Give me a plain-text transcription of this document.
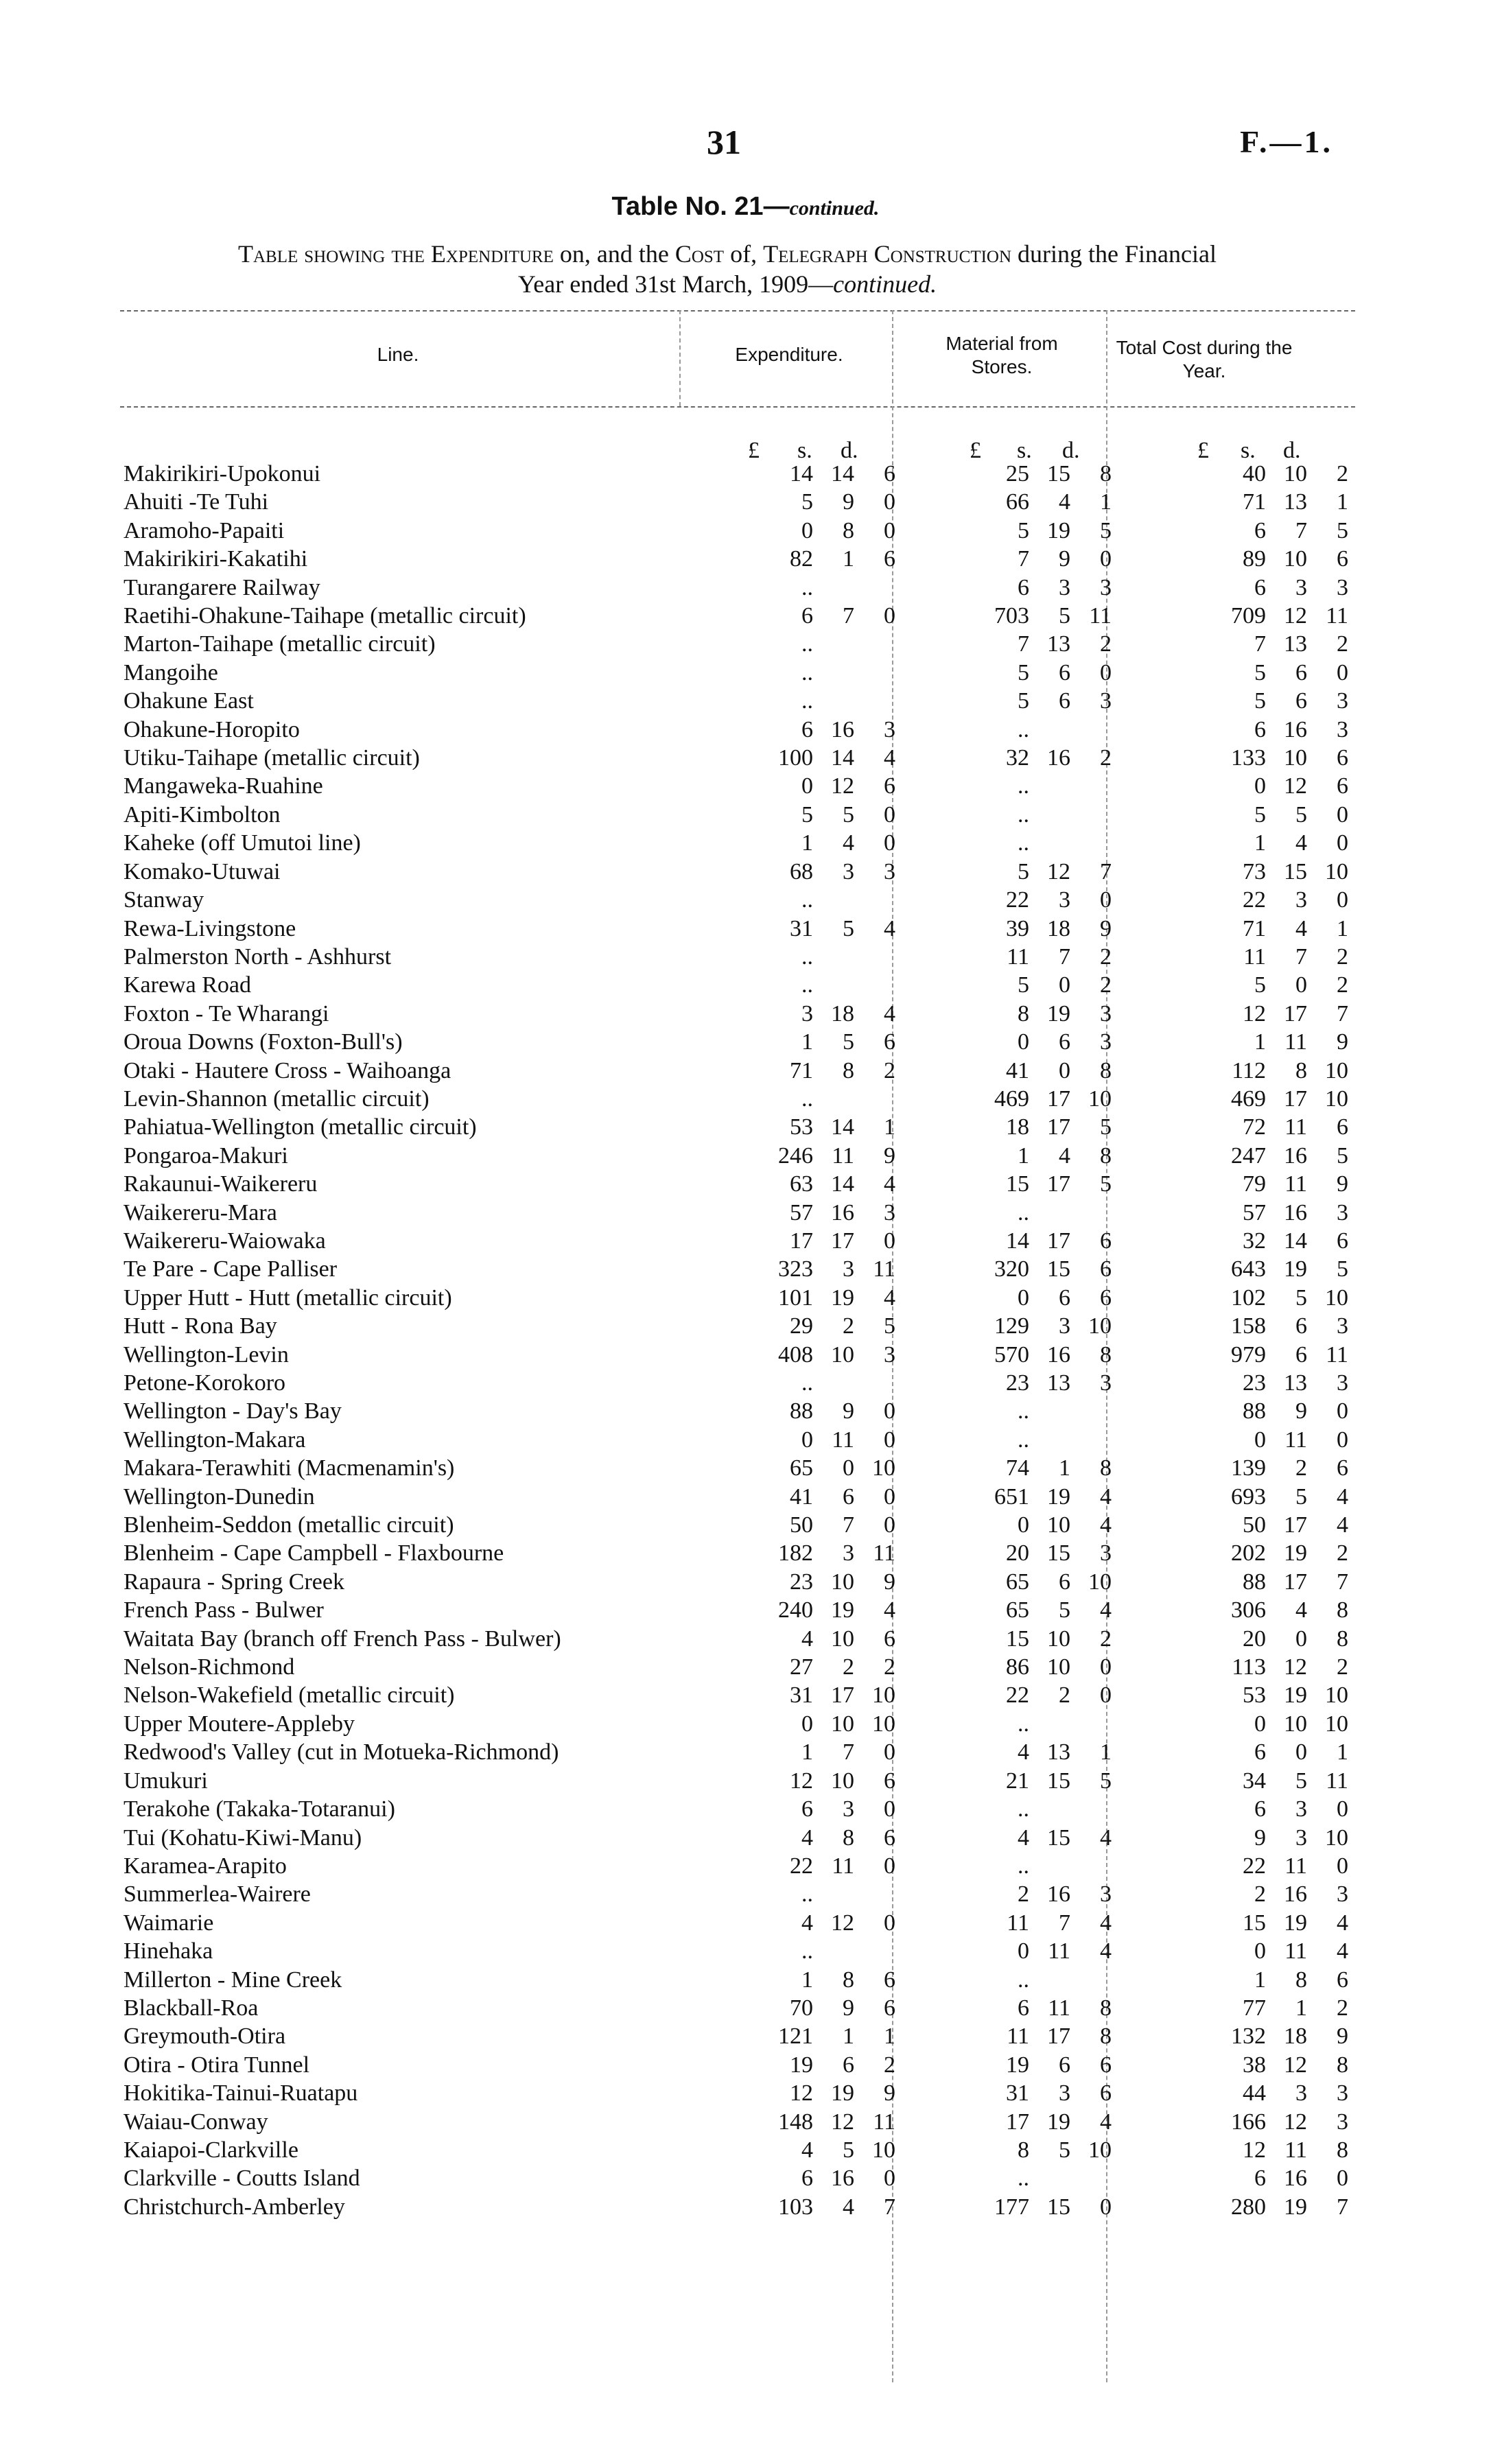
31	F.—1.
Table No. 21—continued.
Table showing the Expenditure on, and the Cost of, Telegraph Construction during the Financial
Year ended 31st March, 1909—continued.
Line.	Expenditure.
Material from Stores.
Total Cost during the Year.
£ s. d.	£ s. d.	£ s. d.
Makirikiri-Upokonui		14	14	6		25	15	8		40	10	2
Ahuiti -Te Tuhi		5	9	0		66	4	1		71	13	1
Aramoho-Papaiti		0	8	0		5	19	5		6	7	5
Makirikiri-Kakatihi		82	1	6		7	9	0		89	10	6
Turangarere Railway		..				6	3	3		6	3	3
Raetihi-Ohakune-Taihape (metallic circuit)		6	7	0		703	5	11		709	12	11
Marton-Taihape (metallic circuit)		..				7	13	2		7	13	2
Mangoihe		..				5	6	0		5	6	0
Ohakune East		..				5	6	3		5	6	3
Ohakune-Horopito		6	16	3		..				6	16	3
Utiku-Taihape (metallic circuit)		100	14	4		32	16	2		133	10	6
Mangaweka-Ruahine		0	12	6		..				0	12	6
Apiti-Kimbolton		5	5	0		..				5	5	0
Kaheke (off Umutoi line)		1	4	0		..				1	4	0
Komako-Utuwai		68	3	3		5	12	7		73	15	10
Stanway		..				22	3	0		22	3	0
Rewa-Livingstone		31	5	4		39	18	9		71	4	1
Palmerston North - Ashhurst		..				11	7	2		11	7	2
Karewa Road		..				5	0	2		5	0	2
Foxton - Te Wharangi		3	18	4		8	19	3		12	17	7
Oroua Downs (Foxton-Bull's)		1	5	6		0	6	3		1	11	9
Otaki - Hautere Cross - Waihoanga		71	8	2		41	0	8		112	8	10
Levin-Shannon (metallic circuit)		..				469	17	10		469	17	10
Pahiatua-Wellington (metallic circuit)		53	14	1		18	17	5		72	11	6
Pongaroa-Makuri		246	11	9		1	4	8		247	16	5
Rakaunui-Waikereru		63	14	4		15	17	5		79	11	9
Waikereru-Mara		57	16	3		..				57	16	3
Waikereru-Waiowaka		17	17	0		14	17	6		32	14	6
Te Pare - Cape Palliser		323	3	11		320	15	6		643	19	5
Upper Hutt - Hutt (metallic circuit)		101	19	4		0	6	6		102	5	10
Hutt - Rona Bay		29	2	5		129	3	10		158	6	3
Wellington-Levin		408	10	3		570	16	8		979	6	11
Petone-Korokoro		..				23	13	3		23	13	3
Wellington - Day's Bay		88	9	0		..				88	9	0
Wellington-Makara		0	11	0		..				0	11	0
Makara-Terawhiti (Macmenamin's)		65	0	10		74	1	8		139	2	6
Wellington-Dunedin		41	6	0		651	19	4		693	5	4
Blenheim-Seddon (metallic circuit)		50	7	0		0	10	4		50	17	4
Blenheim - Cape Campbell - Flaxbourne		182	3	11		20	15	3		202	19	2
Rapaura - Spring Creek		23	10	9		65	6	10		88	17	7
French Pass - Bulwer		240	19	4		65	5	4		306	4	8
Waitata Bay (branch off French Pass - Bulwer)		4	10	6		15	10	2		20	0	8
Nelson-Richmond		27	2	2		86	10	0		113	12	2
Nelson-Wakefield (metallic circuit)		31	17	10		22	2	0		53	19	10
Upper Moutere-Appleby		0	10	10		..				0	10	10
Redwood's Valley (cut in Motueka-Richmond)		1	7	0		4	13	1		6	0	1
Umukuri		12	10	6		21	15	5		34	5	11
Terakohe (Takaka-Totaranui)		6	3	0		..				6	3	0
Tui (Kohatu-Kiwi-Manu)		4	8	6		4	15	4		9	3	10
Karamea-Arapito		22	11	0		..				22	11	0
Summerlea-Wairere		..				2	16	3		2	16	3
Waimarie		4	12	0		11	7	4		15	19	4
Hinehaka		..				0	11	4		0	11	4
Millerton - Mine Creek		1	8	6		..				1	8	6
Blackball-Roa		70	9	6		6	11	8		77	1	2
Greymouth-Otira		121	1	1		11	17	8		132	18	9
Otira - Otira Tunnel		19	6	2		19	6	6		38	12	8
Hokitika-Tainui-Ruatapu		12	19	9		31	3	6		44	3	3
Waiau-Conway		148	12	11		17	19	4		166	12	3
Kaiapoi-Clarkville		4	5	10		8	5	10		12	11	8
Clarkville - Coutts Island		6	16	0		..				6	16	0
Christchurch-Amberley		103	4	7		177	15	0		280	19	7
